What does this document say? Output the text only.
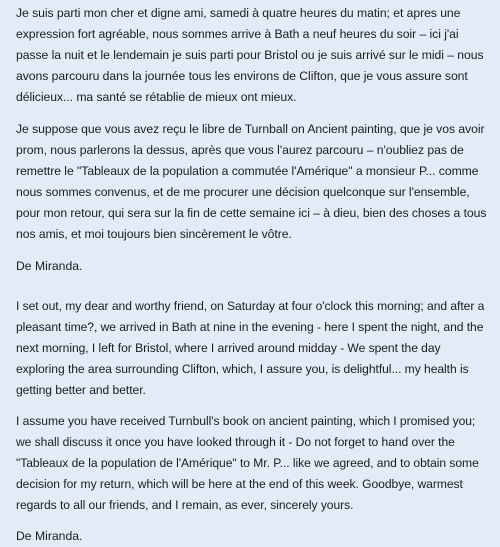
Je suis parti mon cher et digne ami, samedi à quatre heures du matin; et apres une expression fort agréable, nous sommes arrive à Bath a neuf heures du soir – ici j'ai passe la nuit et le lendemain je suis parti pour Bristol ou je suis arrivé sur le midi – nous avons parcouru dans la journée tous les environs de Clifton, que je vous assure sont délicieux... ma santé se rétablie de mieux ont mieux.

Je suppose que vous avez reçu le libre de Turnball on Ancient painting, que je vos avoir prom, nous parlerons la dessus, après que vous l'aurez parcouru – n'oubliez pas de remettre le "Tableaux de la population a commutée l'Amérique" a monsieur P... comme nous sommes convenus, et de me procurer une décision quelconque sur l'ensemble, pour mon retour, qui sera sur la fin de cette semaine ici – à dieu, bien des choses a tous nos amis, et moi toujours bien sincèrement le vôtre.

De Miranda.

I set out, my dear and worthy friend, on Saturday at four o'clock this morning; and after a pleasant time?, we arrived in Bath at nine in the evening - here I spent the night, and the next morning, I left for Bristol, where I arrived around midday - We spent the day exploring the area surrounding Clifton, which, I assure you, is delightful... my health is getting better and better.

I assume you have received Turnbull's book on ancient painting, which I promised you; we shall discuss it once you have looked through it - Do not forget to hand over the "Tableaux de la population de l'Amérique" to Mr. P... like we agreed, and to obtain some decision for my return, which will be here at the end of this week. Goodbye, warmest regards to all our friends, and I remain, as ever, sincerely yours.

De Miranda.
